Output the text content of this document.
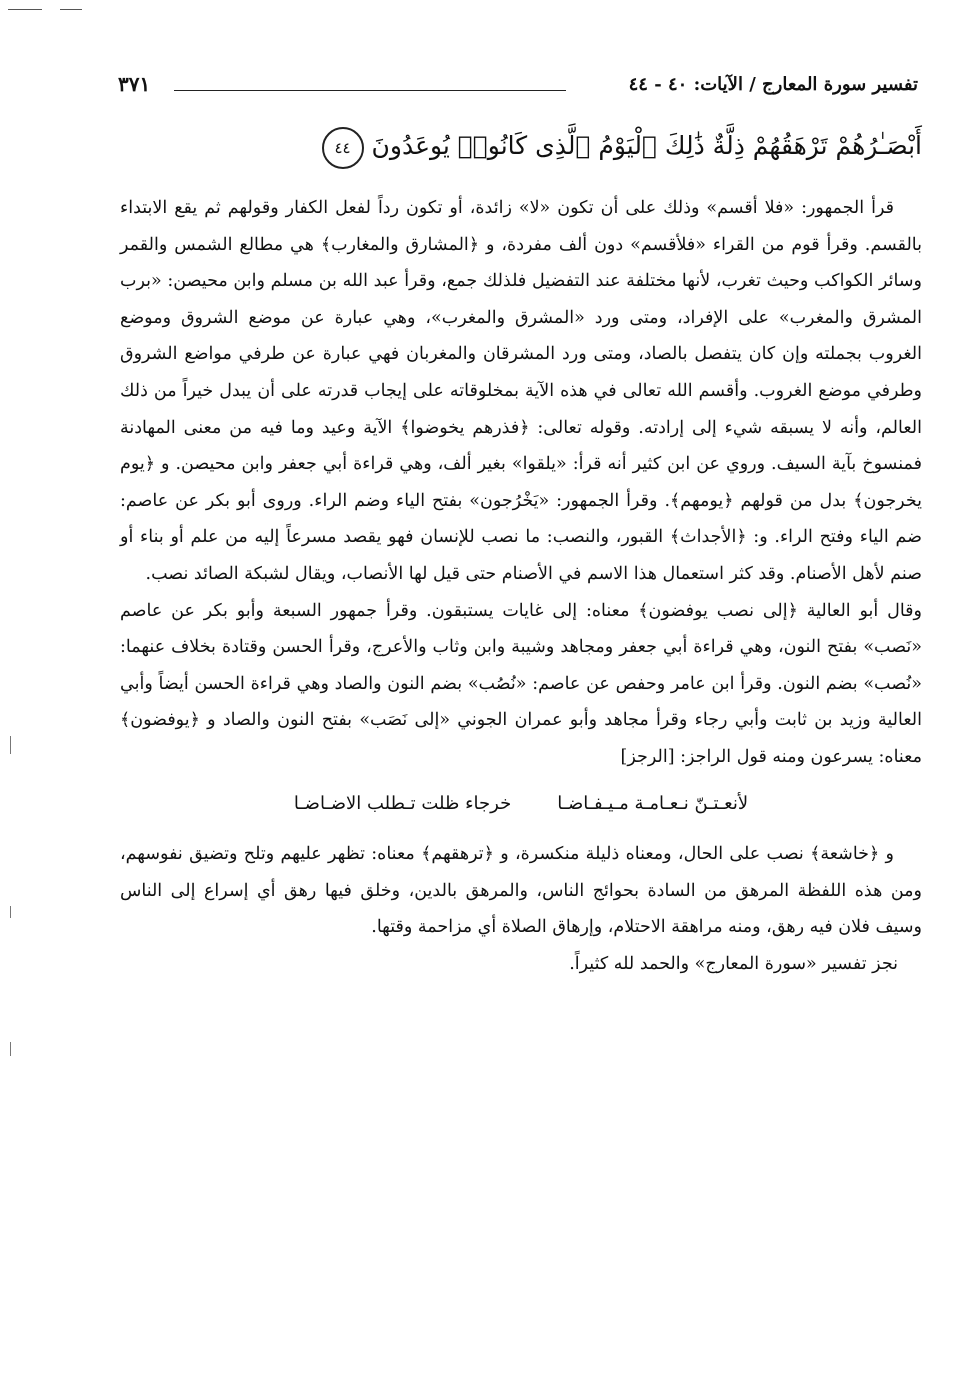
تفسير سورة المعارج / الآيات: ٤٠ - ٤٤
٣٧١
أَبْصَـٰرُهُمْ تَرْهَقُهُمْ ذِلَّةٌ ذَٰلِكَ ٱلْيَوْمُ ٱلَّذِى كَانُوا۟ يُوعَدُونَ ٤٤

قرأ الجمهور: «فلا أقسم» وذلك على أن تكون «لا» زائدة، أو تكون رداً لفعل الكفار وقولهم ثم يقع الابتداء بالقسم. وقرأ قوم من القراء «فلأقسم» دون ألف مفردة، و ﴿المشارق والمغارب﴾ هي مطالع الشمس والقمر وسائر الكواكب وحيث تغرب، لأنها مختلفة عند التفضيل فلذلك جمع، وقرأ عبد الله بن مسلم وابن محيصن: «برب المشرق والمغرب» على الإفراد، ومتى ورد «المشرق والمغرب»، وهي عبارة عن موضع الشروق وموضع الغروب بجملته وإن كان يتفصل بالصاد، ومتى ورد المشرقان والمغربان فهي عبارة عن طرفي مواضع الشروق وطرفي موضع الغروب. وأقسم الله تعالى في هذه الآية بمخلوقاته على إيجاب قدرته على أن يبدل خيراً من ذلك العالم، وأنه لا يسبقه شيء إلى إرادته. وقوله تعالى: ﴿فذرهم يخوضوا﴾ الآية وعيد وما فيه من معنى المهادنة فمنسوخ بآية السيف. وروي عن ابن كثير أنه قرأ: «يلقوا» بغير ألف، وهي قراءة أبي جعفر وابن محيصن. و ﴿يوم يخرجون﴾ بدل من قولهم ﴿يومهم﴾. وقرأ الجمهور: «يَخْرُجون» بفتح الياء وضم الراء. وروى أبو بكر عن عاصم: ضم الياء وفتح الراء. و: ﴿الأجداث﴾ القبور، والنصب: ما نصب للإنسان فهو يقصد مسرعاً إليه من علم أو بناء أو صنم لأهل الأصنام. وقد كثر استعمال هذا الاسم في الأصنام حتى قيل لها الأنصاب، ويقال لشبكة الصائد نصب.

وقال أبو العالية ﴿إلى نصب يوفضون﴾ معناه: إلى غايات يستبقون. وقرأ جمهور السبعة وأبو بكر عن عاصم «نَصب» بفتح النون، وهي قراءة أبي جعفر ومجاهد وشيبة وابن وثاب والأعرج، وقرأ الحسن وقتادة بخلاف عنهما: «نُصب» بضم النون. وقرأ ابن عامر وحفص عن عاصم: «نُصُب» بضم النون والصاد وهي قراءة الحسن أيضاً وأبي العالية وزيد بن ثابت وأبي رجاء وقرأ مجاهد وأبو عمران الجوني «إلى نَصَب» بفتح النون والصاد و ﴿يوفضون﴾ معناه: يسرعون ومنه قول الراجز: [الرجز]

لأنعـتـنّ نـعـامـة مـيـفـاضـا
خرجاء ظلت تـطلب الاضـاضـا

و ﴿خاشعة﴾ نصب على الحال، ومعناه ذليلة منكسرة، و ﴿ترهقهم﴾ معناه: تظهر عليهم وتلح وتضيق نفوسهم، ومن هذه اللفظة المرهق من السادة بحوائج الناس، والمرهق بالدين، وخلق فيها رهق أي إسراع إلى الناس وسيف فلان فيه رهق، ومنه مراهقة الاحتلام، وإرهاق الصلاة أي مزاحمة وقتها.

نجز تفسير «سورة المعارج» والحمد لله كثيراً.
